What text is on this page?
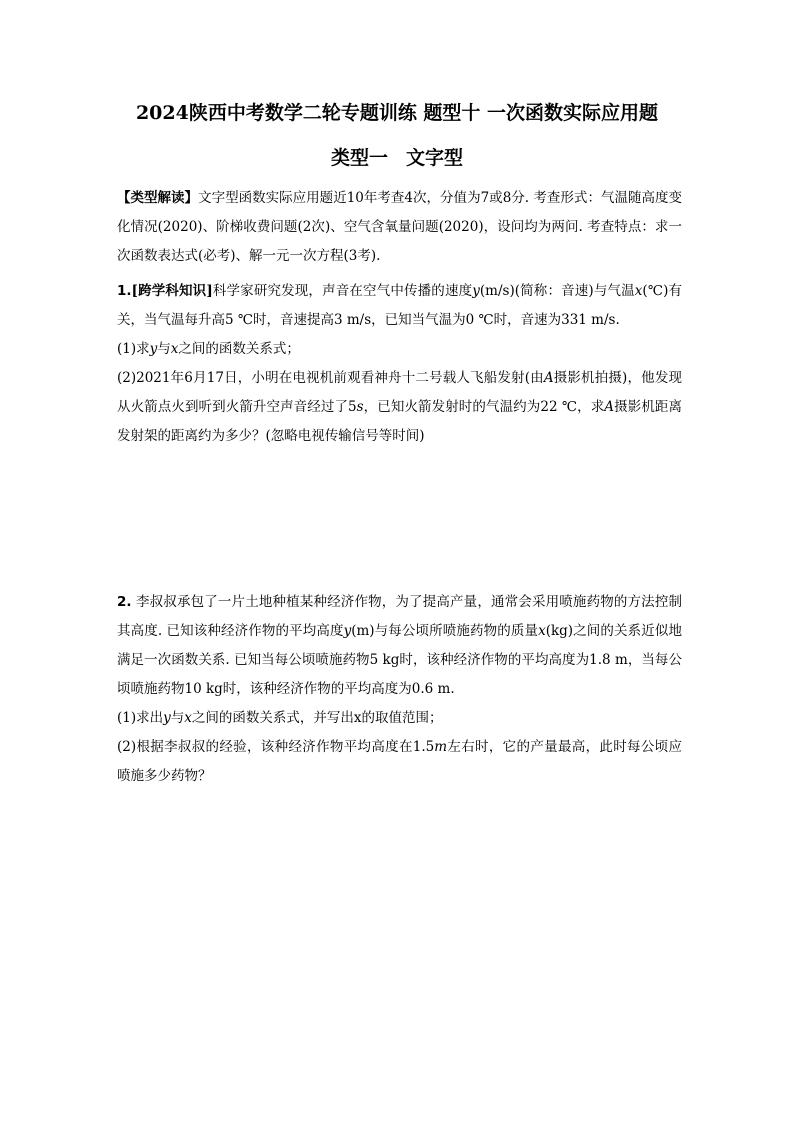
2024陕西中考数学二轮专题训练 题型十 一次函数实际应用题
类型一 文字型
【类型解读】文字型函数实际应用题近10年考查4次，分值为7或8分. 考查形式：气温随高度变化情况(2020)、阶梯收费问题(2次)、空气含氧量问题(2020)，设问均为两问. 考查特点：求一次函数表达式(必考)、解一元一次方程(3考).
1.[跨学科知识]科学家研究发现，声音在空气中传播的速度y(m/s)(简称：音速)与气温x(℃)有关，当气温每升高5 ℃时，音速提高3 m/s，已知当气温为0 ℃时，音速为331 m/s.
(1)求y与x之间的函数关系式；
(2)2021年6月17日，小明在电视机前观看神舟十二号载人飞船发射(由A摄影机拍摄)，他发现从火箭点火到听到火箭升空声音经过了5s，已知火箭发射时的气温约为22 ℃，求A摄影机距离发射架的距离约为多少？(忽略电视传输信号等时间)
2. 李叔叔承包了一片土地种植某种经济作物，为了提高产量，通常会采用喷施药物的方法控制其高度. 已知该种经济作物的平均高度y(m)与每公顷所喷施药物的质量x(kg)之间的关系近似地满足一次函数关系. 已知当每公顷喷施药物5 kg时，该种经济作物的平均高度为1.8 m，当每公顷喷施药物10 kg时，该种经济作物的平均高度为0.6 m.
(1)求出y与x之间的函数关系式，并写出x的取值范围；
(2)根据李叔叔的经验，该种经济作物平均高度在1.5m左右时，它的产量最高，此时每公顷应喷施多少药物？
